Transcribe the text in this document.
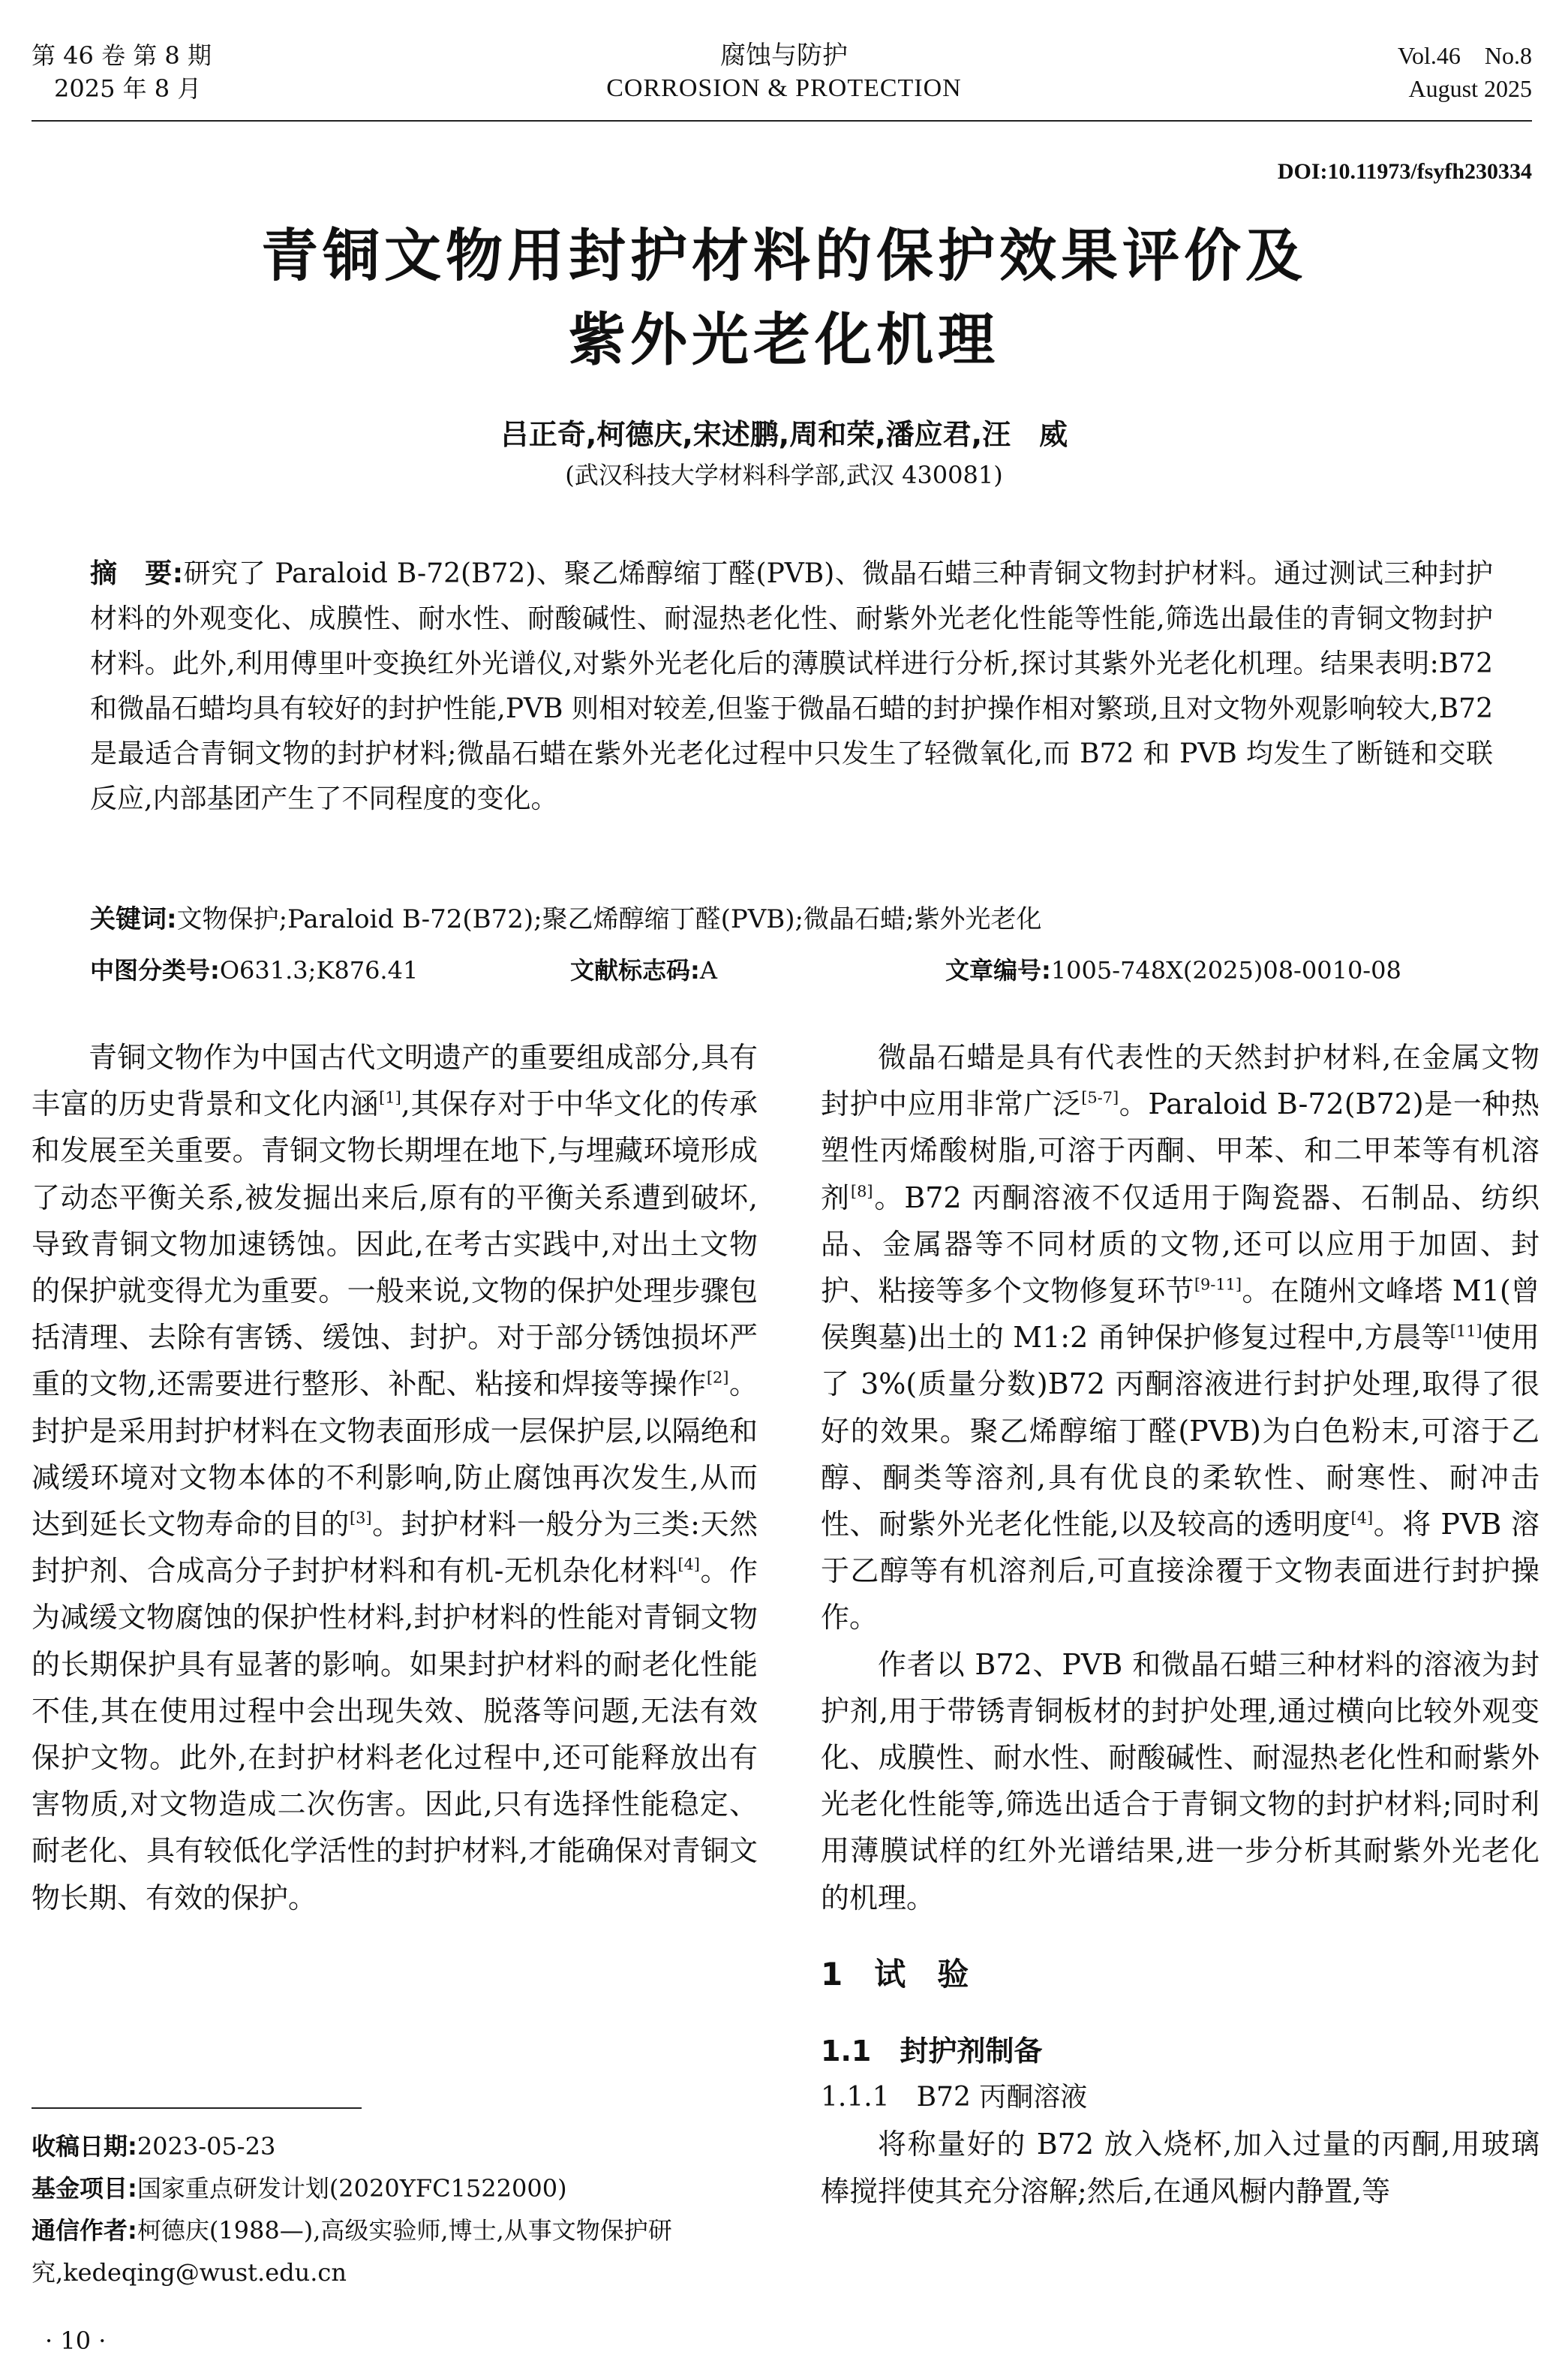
第 46 卷 第 8 期
2025 年 8 月
腐蚀与防护
CORROSION & PROTECTION
Vol.46　No.8
August 2025
DOI:10.11973/fsyfh230334
青铜文物用封护材料的保护效果评价及
紫外光老化机理
吕正奇,柯德庆,宋述鹏,周和荣,潘应君,汪　威
(武汉科技大学材料科学部,武汉 430081)
摘　要:研究了 Paraloid B-72(B72)、聚乙烯醇缩丁醛(PVB)、微晶石蜡三种青铜文物封护材料。通过测试三种封护材料的外观变化、成膜性、耐水性、耐酸碱性、耐湿热老化性、耐紫外光老化性能等性能,筛选出最佳的青铜文物封护材料。此外,利用傅里叶变换红外光谱仪,对紫外光老化后的薄膜试样进行分析,探讨其紫外光老化机理。结果表明:B72 和微晶石蜡均具有较好的封护性能,PVB 则相对较差,但鉴于微晶石蜡的封护操作相对繁琐,且对文物外观影响较大,B72 是最适合青铜文物的封护材料;微晶石蜡在紫外光老化过程中只发生了轻微氧化,而 B72 和 PVB 均发生了断链和交联反应,内部基团产生了不同程度的变化。
关键词:文物保护;Paraloid B-72(B72);聚乙烯醇缩丁醛(PVB);微晶石蜡;紫外光老化
中图分类号:O631.3;K876.41	文献标志码:A	文章编号:1005-748X(2025)08-0010-08

青铜文物作为中国古代文明遗产的重要组成部分,具有丰富的历史背景和文化内涵[1],其保存对于中华文化的传承和发展至关重要。青铜文物长期埋在地下,与埋藏环境形成了动态平衡关系,被发掘出来后,原有的平衡关系遭到破坏,导致青铜文物加速锈蚀。因此,在考古实践中,对出土文物的保护就变得尤为重要。一般来说,文物的保护处理步骤包括清理、去除有害锈、缓蚀、封护。对于部分锈蚀损坏严重的文物,还需要进行整形、补配、粘接和焊接等操作[2]。封护是采用封护材料在文物表面形成一层保护层,以隔绝和减缓环境对文物本体的不利影响,防止腐蚀再次发生,从而达到延长文物寿命的目的[3]。封护材料一般分为三类:天然封护剂、合成高分子封护材料和有机-无机杂化材料[4]。作为减缓文物腐蚀的保护性材料,封护材料的性能对青铜文物的长期保护具有显著的影响。如果封护材料的耐老化性能不佳,其在使用过程中会出现失效、脱落等问题,无法有效保护文物。此外,在封护材料老化过程中,还可能释放出有害物质,对文物造成二次伤害。因此,只有选择性能稳定、耐老化、具有较低化学活性的封护材料,才能确保对青铜文物长期、有效的保护。

微晶石蜡是具有代表性的天然封护材料,在金属文物封护中应用非常广泛[5-7]。Paraloid B-72(B72)是一种热塑性丙烯酸树脂,可溶于丙酮、甲苯、和二甲苯等有机溶剂[8]。B72 丙酮溶液不仅适用于陶瓷器、石制品、纺织品、金属器等不同材质的文物,还可以应用于加固、封护、粘接等多个文物修复环节[9-11]。在随州文峰塔 M1(曾侯舆墓)出土的 M1:2 甬钟保护修复过程中,方晨等[11]使用了 3%(质量分数)B72 丙酮溶液进行封护处理,取得了很好的效果。聚乙烯醇缩丁醛(PVB)为白色粉末,可溶于乙醇、酮类等溶剂,具有优良的柔软性、耐寒性、耐冲击性、耐紫外光老化性能,以及较高的透明度[4]。将 PVB 溶于乙醇等有机溶剂后,可直接涂覆于文物表面进行封护操作。

作者以 B72、PVB 和微晶石蜡三种材料的溶液为封护剂,用于带锈青铜板材的封护处理,通过横向比较外观变化、成膜性、耐水性、耐酸碱性、耐湿热老化性和耐紫外光老化性能等,筛选出适合于青铜文物的封护材料;同时利用薄膜试样的红外光谱结果,进一步分析其耐紫外光老化的机理。

1　试　验
1.1　封护剂制备
1.1.1　B72 丙酮溶液

将称量好的 B72 放入烧杯,加入过量的丙酮,用玻璃棒搅拌使其充分溶解;然后,在通风橱内静置,等

收稿日期:2023-05-23
基金项目:国家重点研发计划(2020YFC1522000)
通信作者:柯德庆(1988—),高级实验师,博士,从事文物保护研究,kedeqing@wust.edu.cn
· 10 ·
